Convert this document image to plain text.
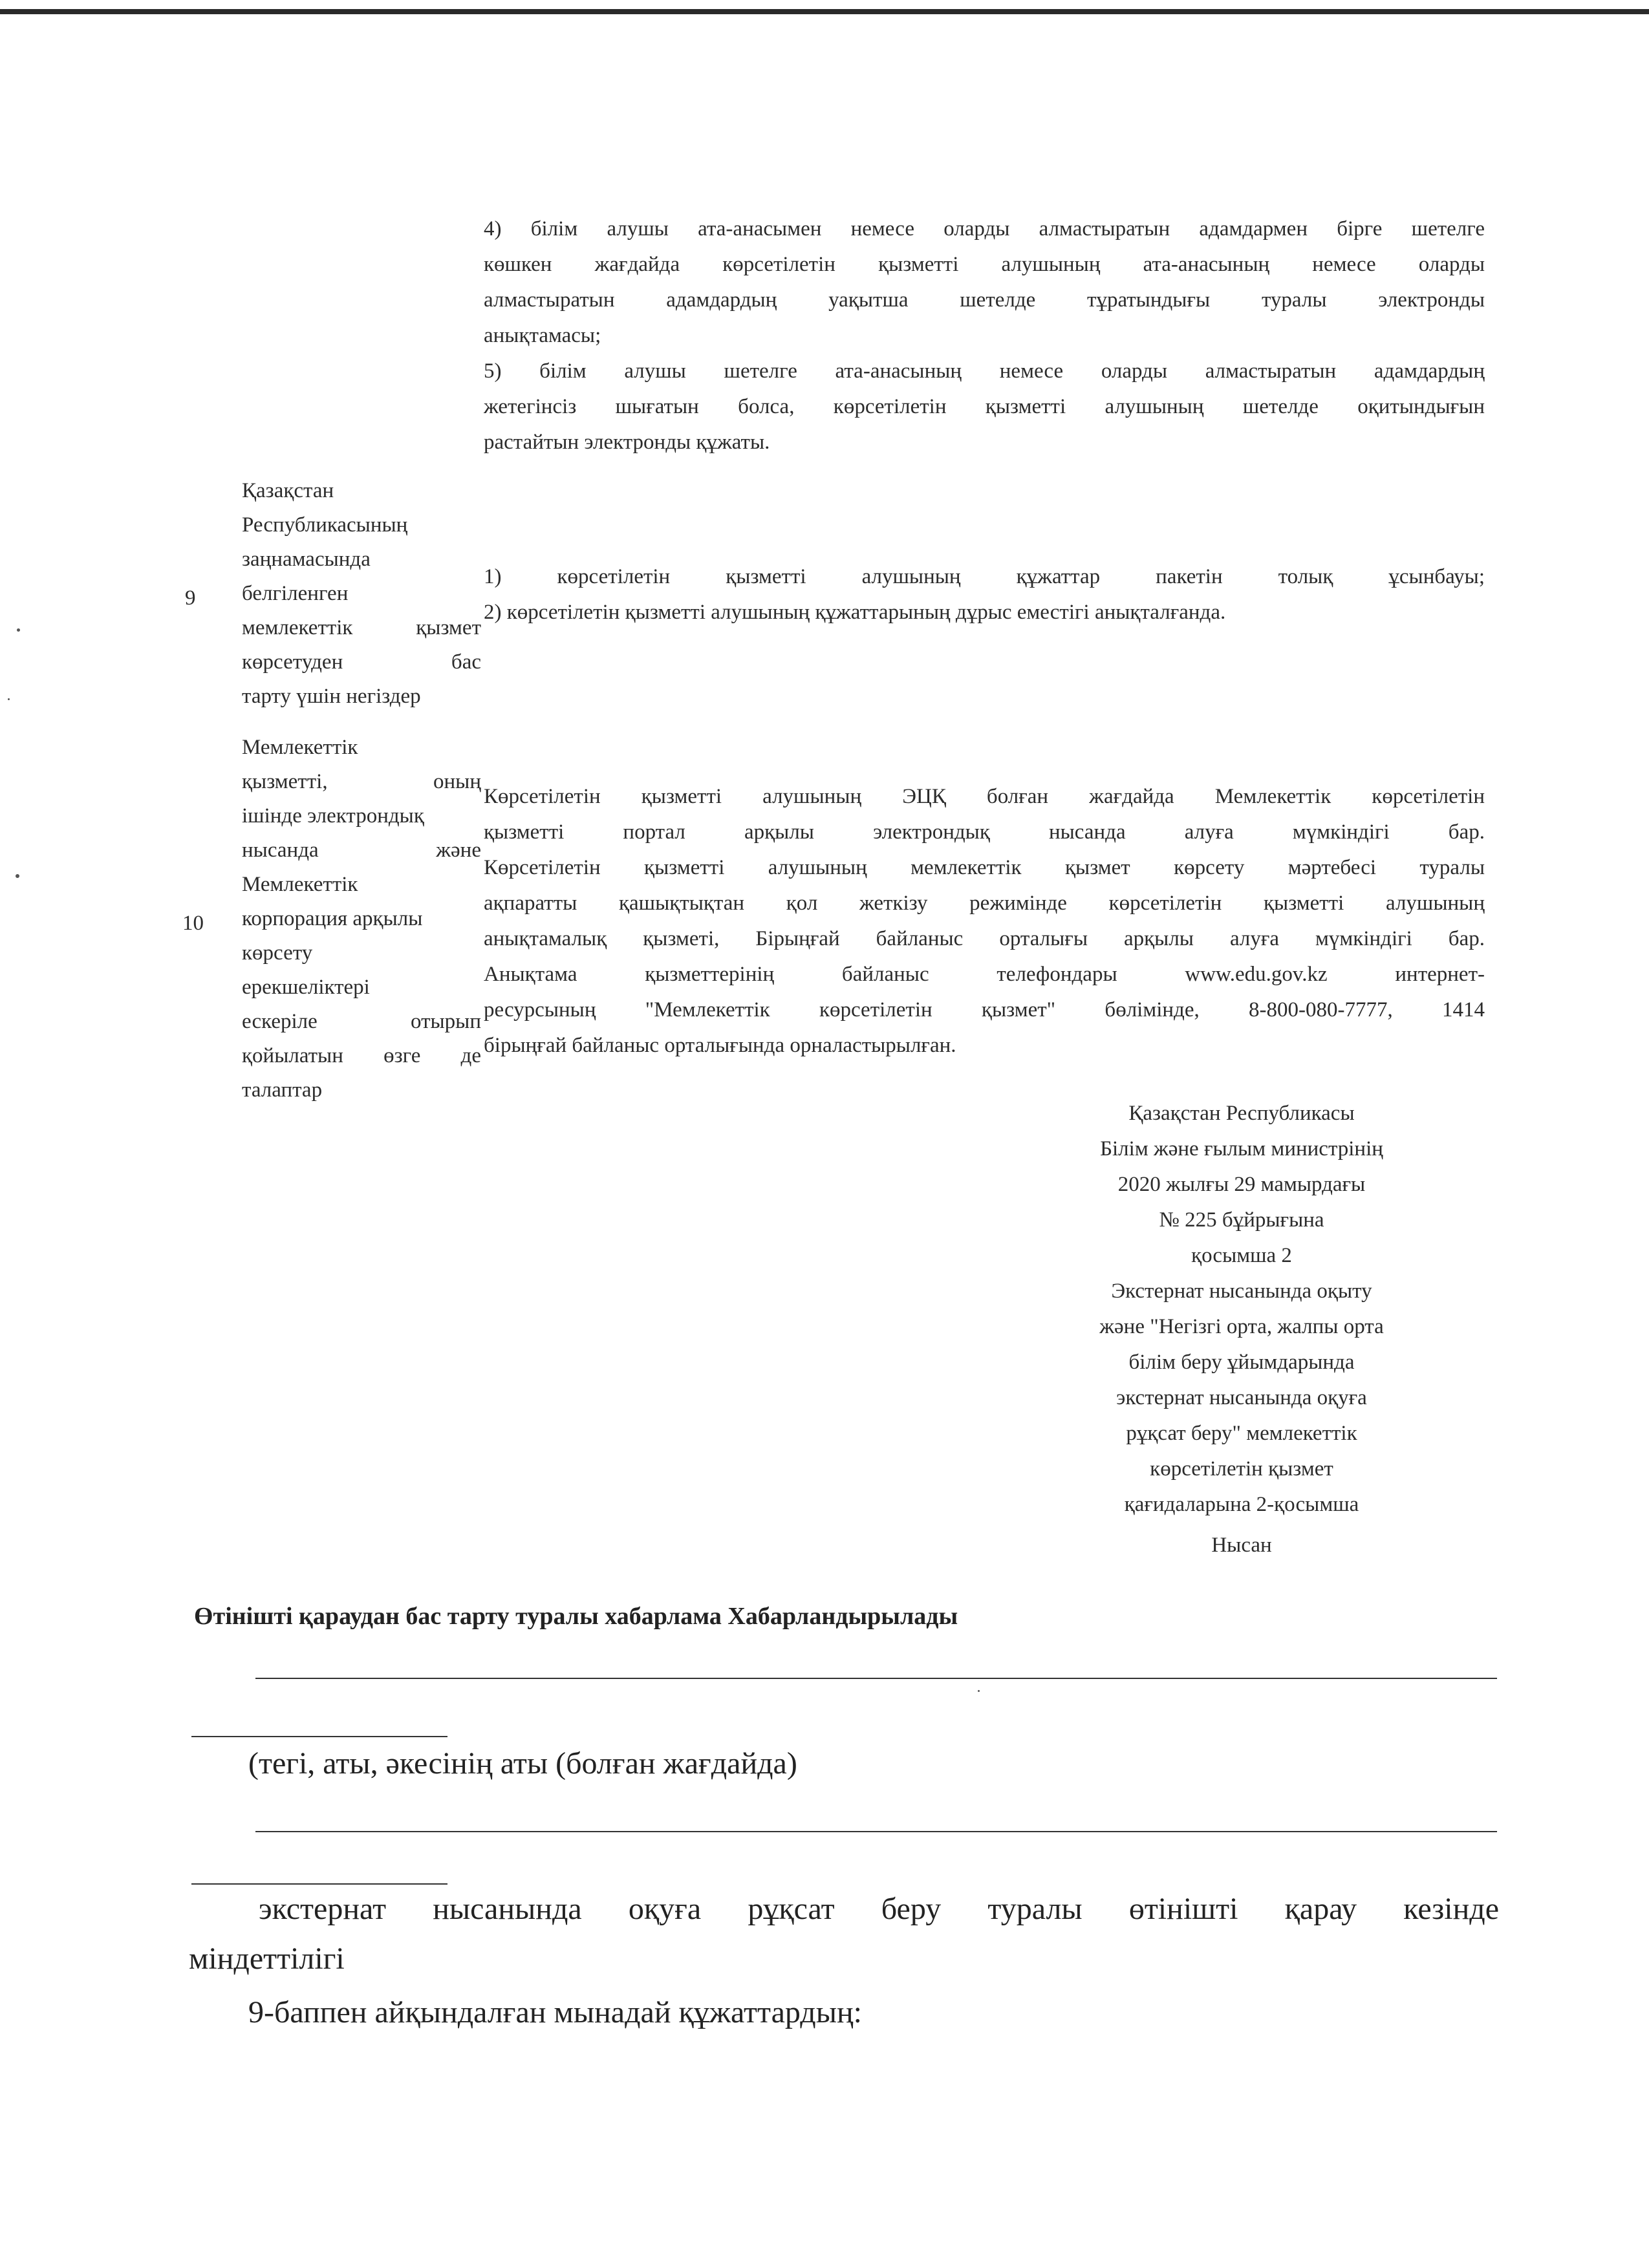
4) білім алушы ата-анасымен немесе оларды алмастыратын адамдармен бірге шетелге
көшкен жағдайда көрсетілетін қызметті алушының ата-анасының немесе оларды
алмастыратын адамдардың уақытша шетелде тұратындығы туралы электронды
анықтамасы;
5) білім алушы шетелге ата-анасының немесе оларды алмастыратын адамдардың
жетегінсіз шығатын болса, көрсетілетін қызметті алушының шетелде оқитындығын
растайтын электронды құжаты.
9
Қазақстан
Республикасының
заңнамасында
белгіленген
мемлекеттік қызмет
көрсетуден бас
тарту үшін негіздер
1) көрсетілетін қызметті алушының құжаттар пакетін толық ұсынбауы;
2) көрсетілетін қызметті алушының құжаттарының дұрыс еместігі анықталғанда.
10
Мемлекеттік
қызметті, оның
ішінде электрондық
нысанда және
Мемлекеттік
корпорация арқылы
көрсету
ерекшеліктері
ескеріле отырып
қойылатын өзге де
талаптар
Көрсетілетін қызметті алушының ЭЦҚ болған жағдайда Мемлекеттік көрсетілетін
қызметті портал арқылы электрондық нысанда алуға мүмкіндігі бар.
Көрсетілетін қызметті алушының мемлекеттік қызмет көрсету мәртебесі туралы
ақпаратты қашықтықтан қол жеткізу режимінде көрсетілетін қызметті алушының
анықтамалық қызметі, Бірыңғай байланыс орталығы арқылы алуға мүмкіндігі бар.
Анықтама қызметтерінің байланыс телефондары www.edu.gov.kz интернет-
ресурсының "Мемлекеттік көрсетілетін қызмет" бөлімінде, 8-800-080-7777, 1414
бірыңғай байланыс орталығында орналастырылған.
Қазақстан Республикасы
Білім және ғылым министрінің
2020 жылғы 29 мамырдағы
№ 225 бұйрығына
қосымша 2
Экстернат нысанында оқыту
және "Негізгі орта, жалпы орта
білім беру ұйымдарында
экстернат нысанында оқуға
рұқсат беру" мемлекеттік
көрсетілетін қызмет
қағидаларына 2-қосымша
Нысан
Өтінішті қараудан бас тарту туралы хабарлама Хабарландырылады
(тегі, аты, әкесінің аты (болған жағдайда)
экстернат нысанында оқуға рұқсат беру туралы өтінішті қарау кезінде
міндеттілігі
9-баппен айқындалған мынадай құжаттардың:
